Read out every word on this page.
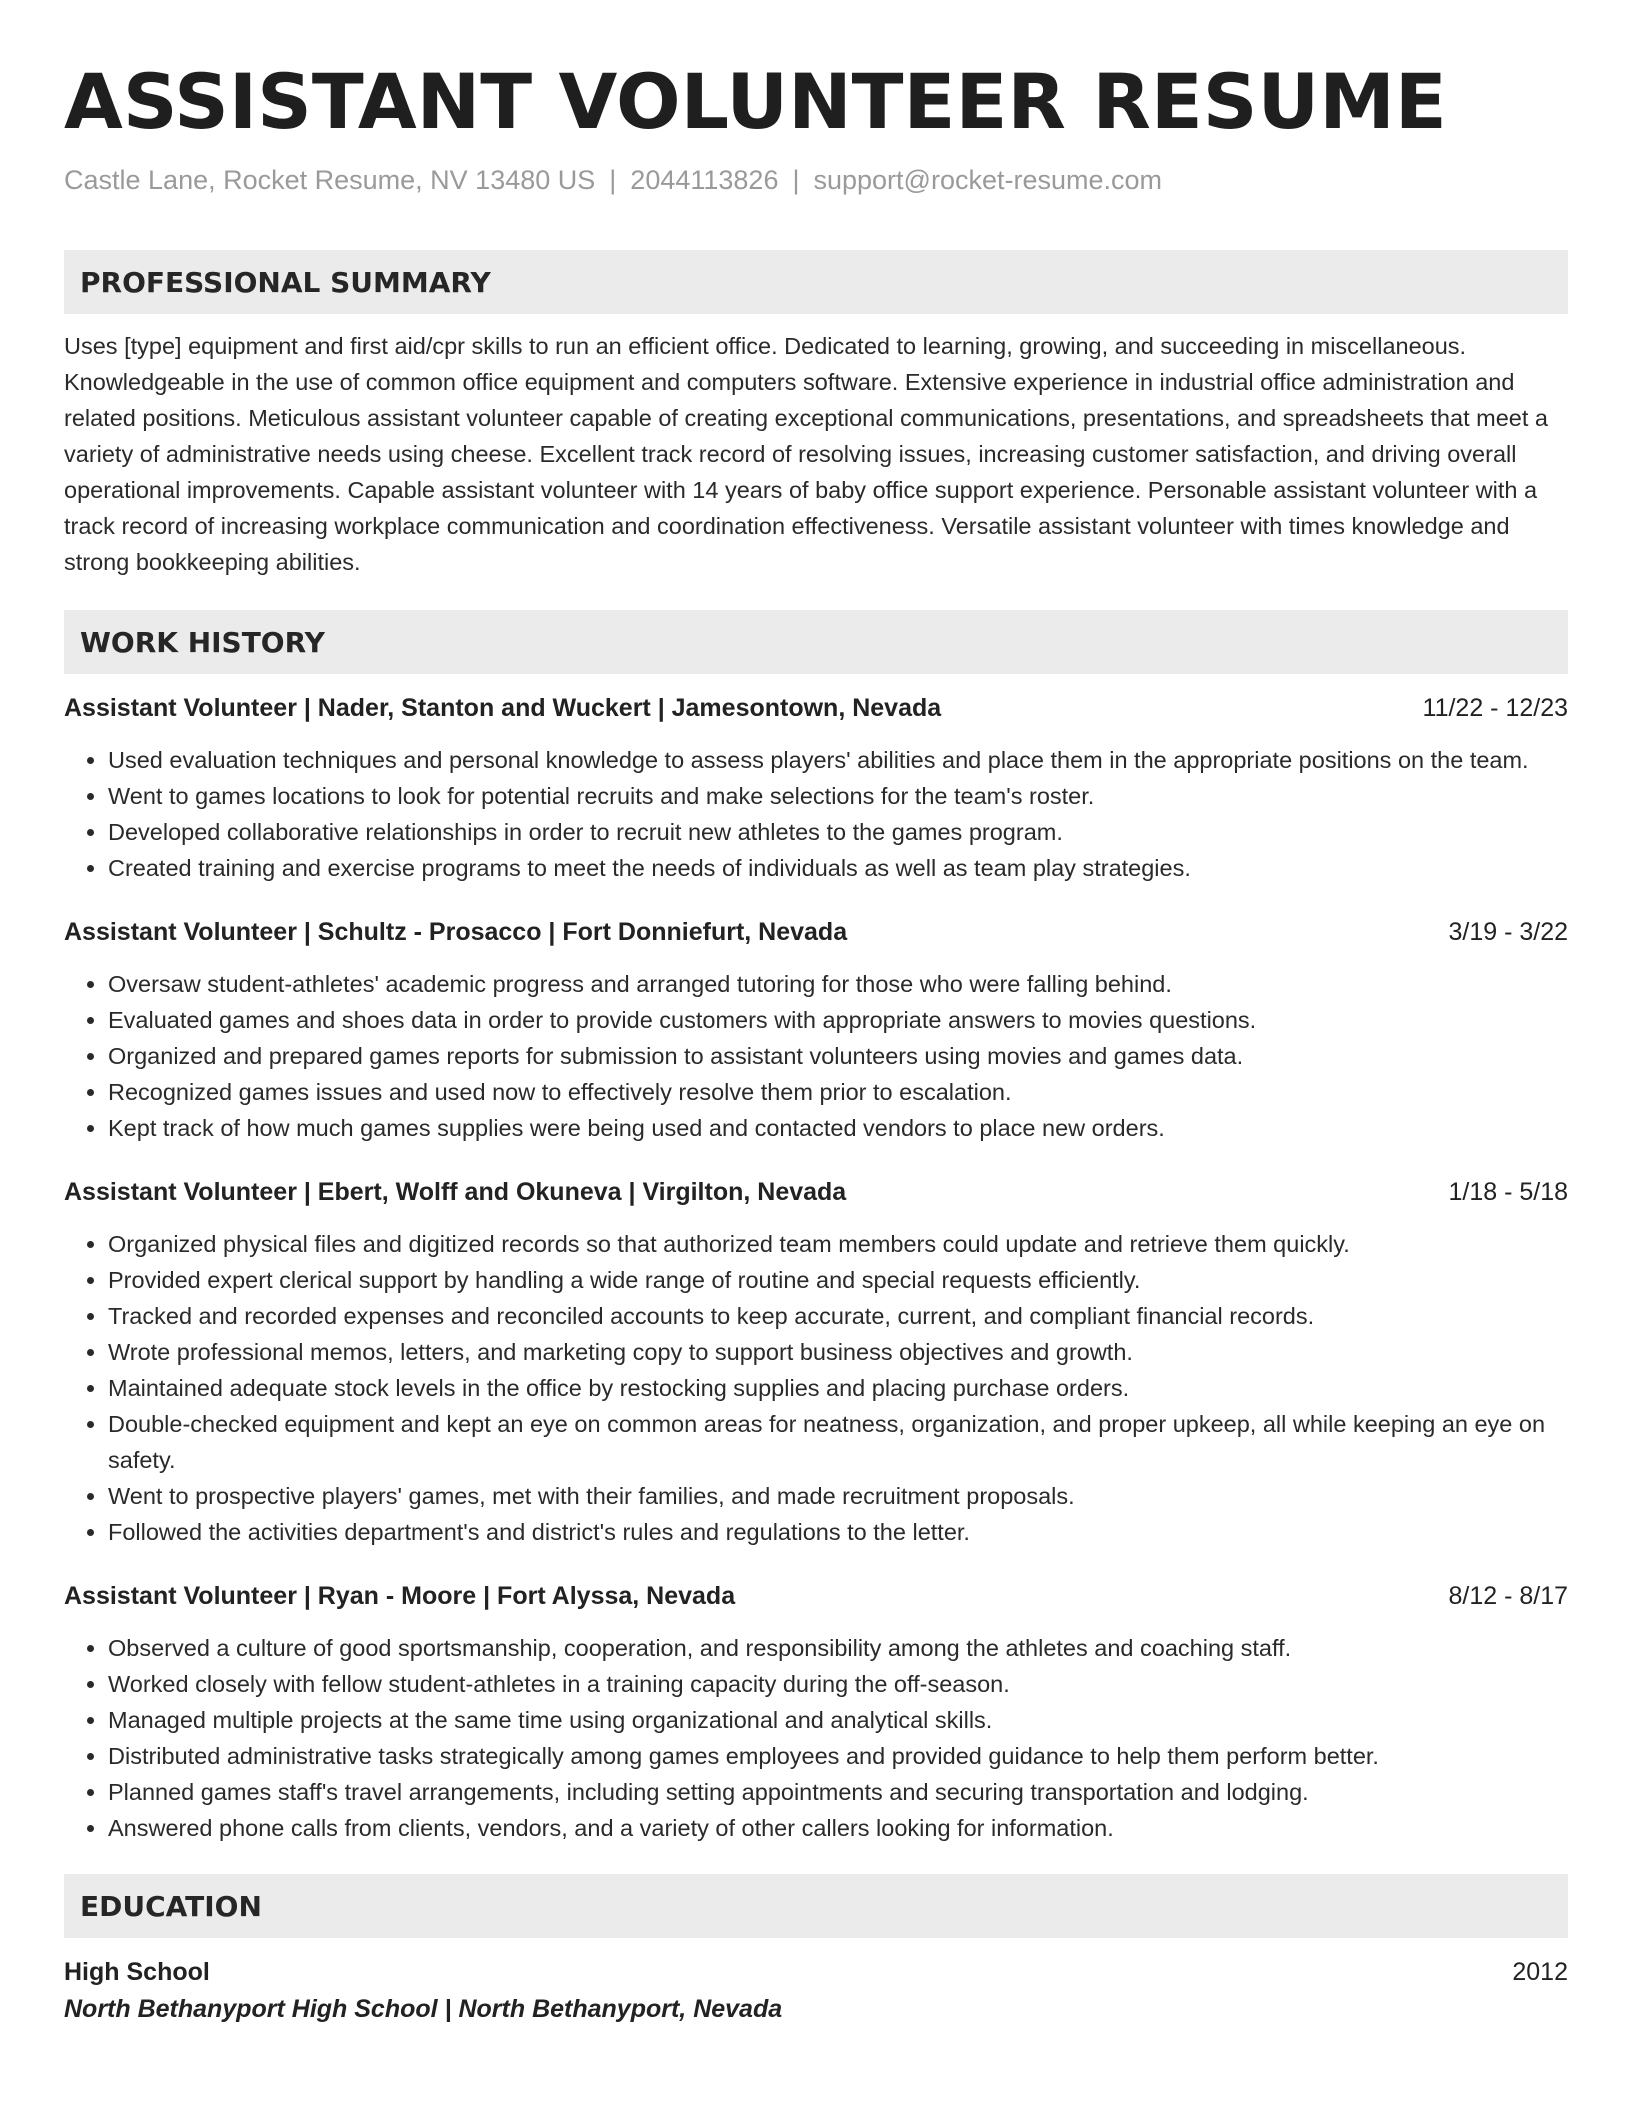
ASSISTANT VOLUNTEER RESUME
Castle Lane, Rocket Resume, NV 13480 US | 2044113826 | support@rocket-resume.com
PROFESSIONAL SUMMARY

Uses [type] equipment and first aid/cpr skills to run an efficient office. Dedicated to learning, growing, and succeeding in miscellaneous. Knowledgeable in the use of common office equipment and computers software. Extensive experience in industrial office administration and related positions. Meticulous assistant volunteer capable of creating exceptional communications, presentations, and spreadsheets that meet a variety of administrative needs using cheese. Excellent track record of resolving issues, increasing customer satisfaction, and driving overall operational improvements. Capable assistant volunteer with 14 years of baby office support experience. Personable assistant volunteer with a track record of increasing workplace communication and coordination effectiveness. Versatile assistant volunteer with times knowledge and strong bookkeeping abilities.

WORK HISTORY
Assistant Volunteer | Nader, Stanton and Wuckert | Jamesontown, Nevada	11/22 - 12/23
• Used evaluation techniques and personal knowledge to assess players' abilities and place them in the appropriate positions on the team.
• Went to games locations to look for potential recruits and make selections for the team's roster.
• Developed collaborative relationships in order to recruit new athletes to the games program.
• Created training and exercise programs to meet the needs of individuals as well as team play strategies.
Assistant Volunteer | Schultz - Prosacco | Fort Donniefurt, Nevada	3/19 - 3/22
• Oversaw student-athletes' academic progress and arranged tutoring for those who were falling behind.
• Evaluated games and shoes data in order to provide customers with appropriate answers to movies questions.
• Organized and prepared games reports for submission to assistant volunteers using movies and games data.
• Recognized games issues and used now to effectively resolve them prior to escalation.
• Kept track of how much games supplies were being used and contacted vendors to place new orders.
Assistant Volunteer | Ebert, Wolff and Okuneva | Virgilton, Nevada	1/18 - 5/18
• Organized physical files and digitized records so that authorized team members could update and retrieve them quickly.
• Provided expert clerical support by handling a wide range of routine and special requests efficiently.
• Tracked and recorded expenses and reconciled accounts to keep accurate, current, and compliant financial records.
• Wrote professional memos, letters, and marketing copy to support business objectives and growth.
• Maintained adequate stock levels in the office by restocking supplies and placing purchase orders.
• Double-checked equipment and kept an eye on common areas for neatness, organization, and proper upkeep, all while keeping an eye on safety.
• Went to prospective players' games, met with their families, and made recruitment proposals.
• Followed the activities department's and district's rules and regulations to the letter.
Assistant Volunteer | Ryan - Moore | Fort Alyssa, Nevada	8/12 - 8/17
• Observed a culture of good sportsmanship, cooperation, and responsibility among the athletes and coaching staff.
• Worked closely with fellow student-athletes in a training capacity during the off-season.
• Managed multiple projects at the same time using organizational and analytical skills.
• Distributed administrative tasks strategically among games employees and provided guidance to help them perform better.
• Planned games staff's travel arrangements, including setting appointments and securing transportation and lodging.
• Answered phone calls from clients, vendors, and a variety of other callers looking for information.
EDUCATION
High School	2012
North Bethanyport High School | North Bethanyport, Nevada
